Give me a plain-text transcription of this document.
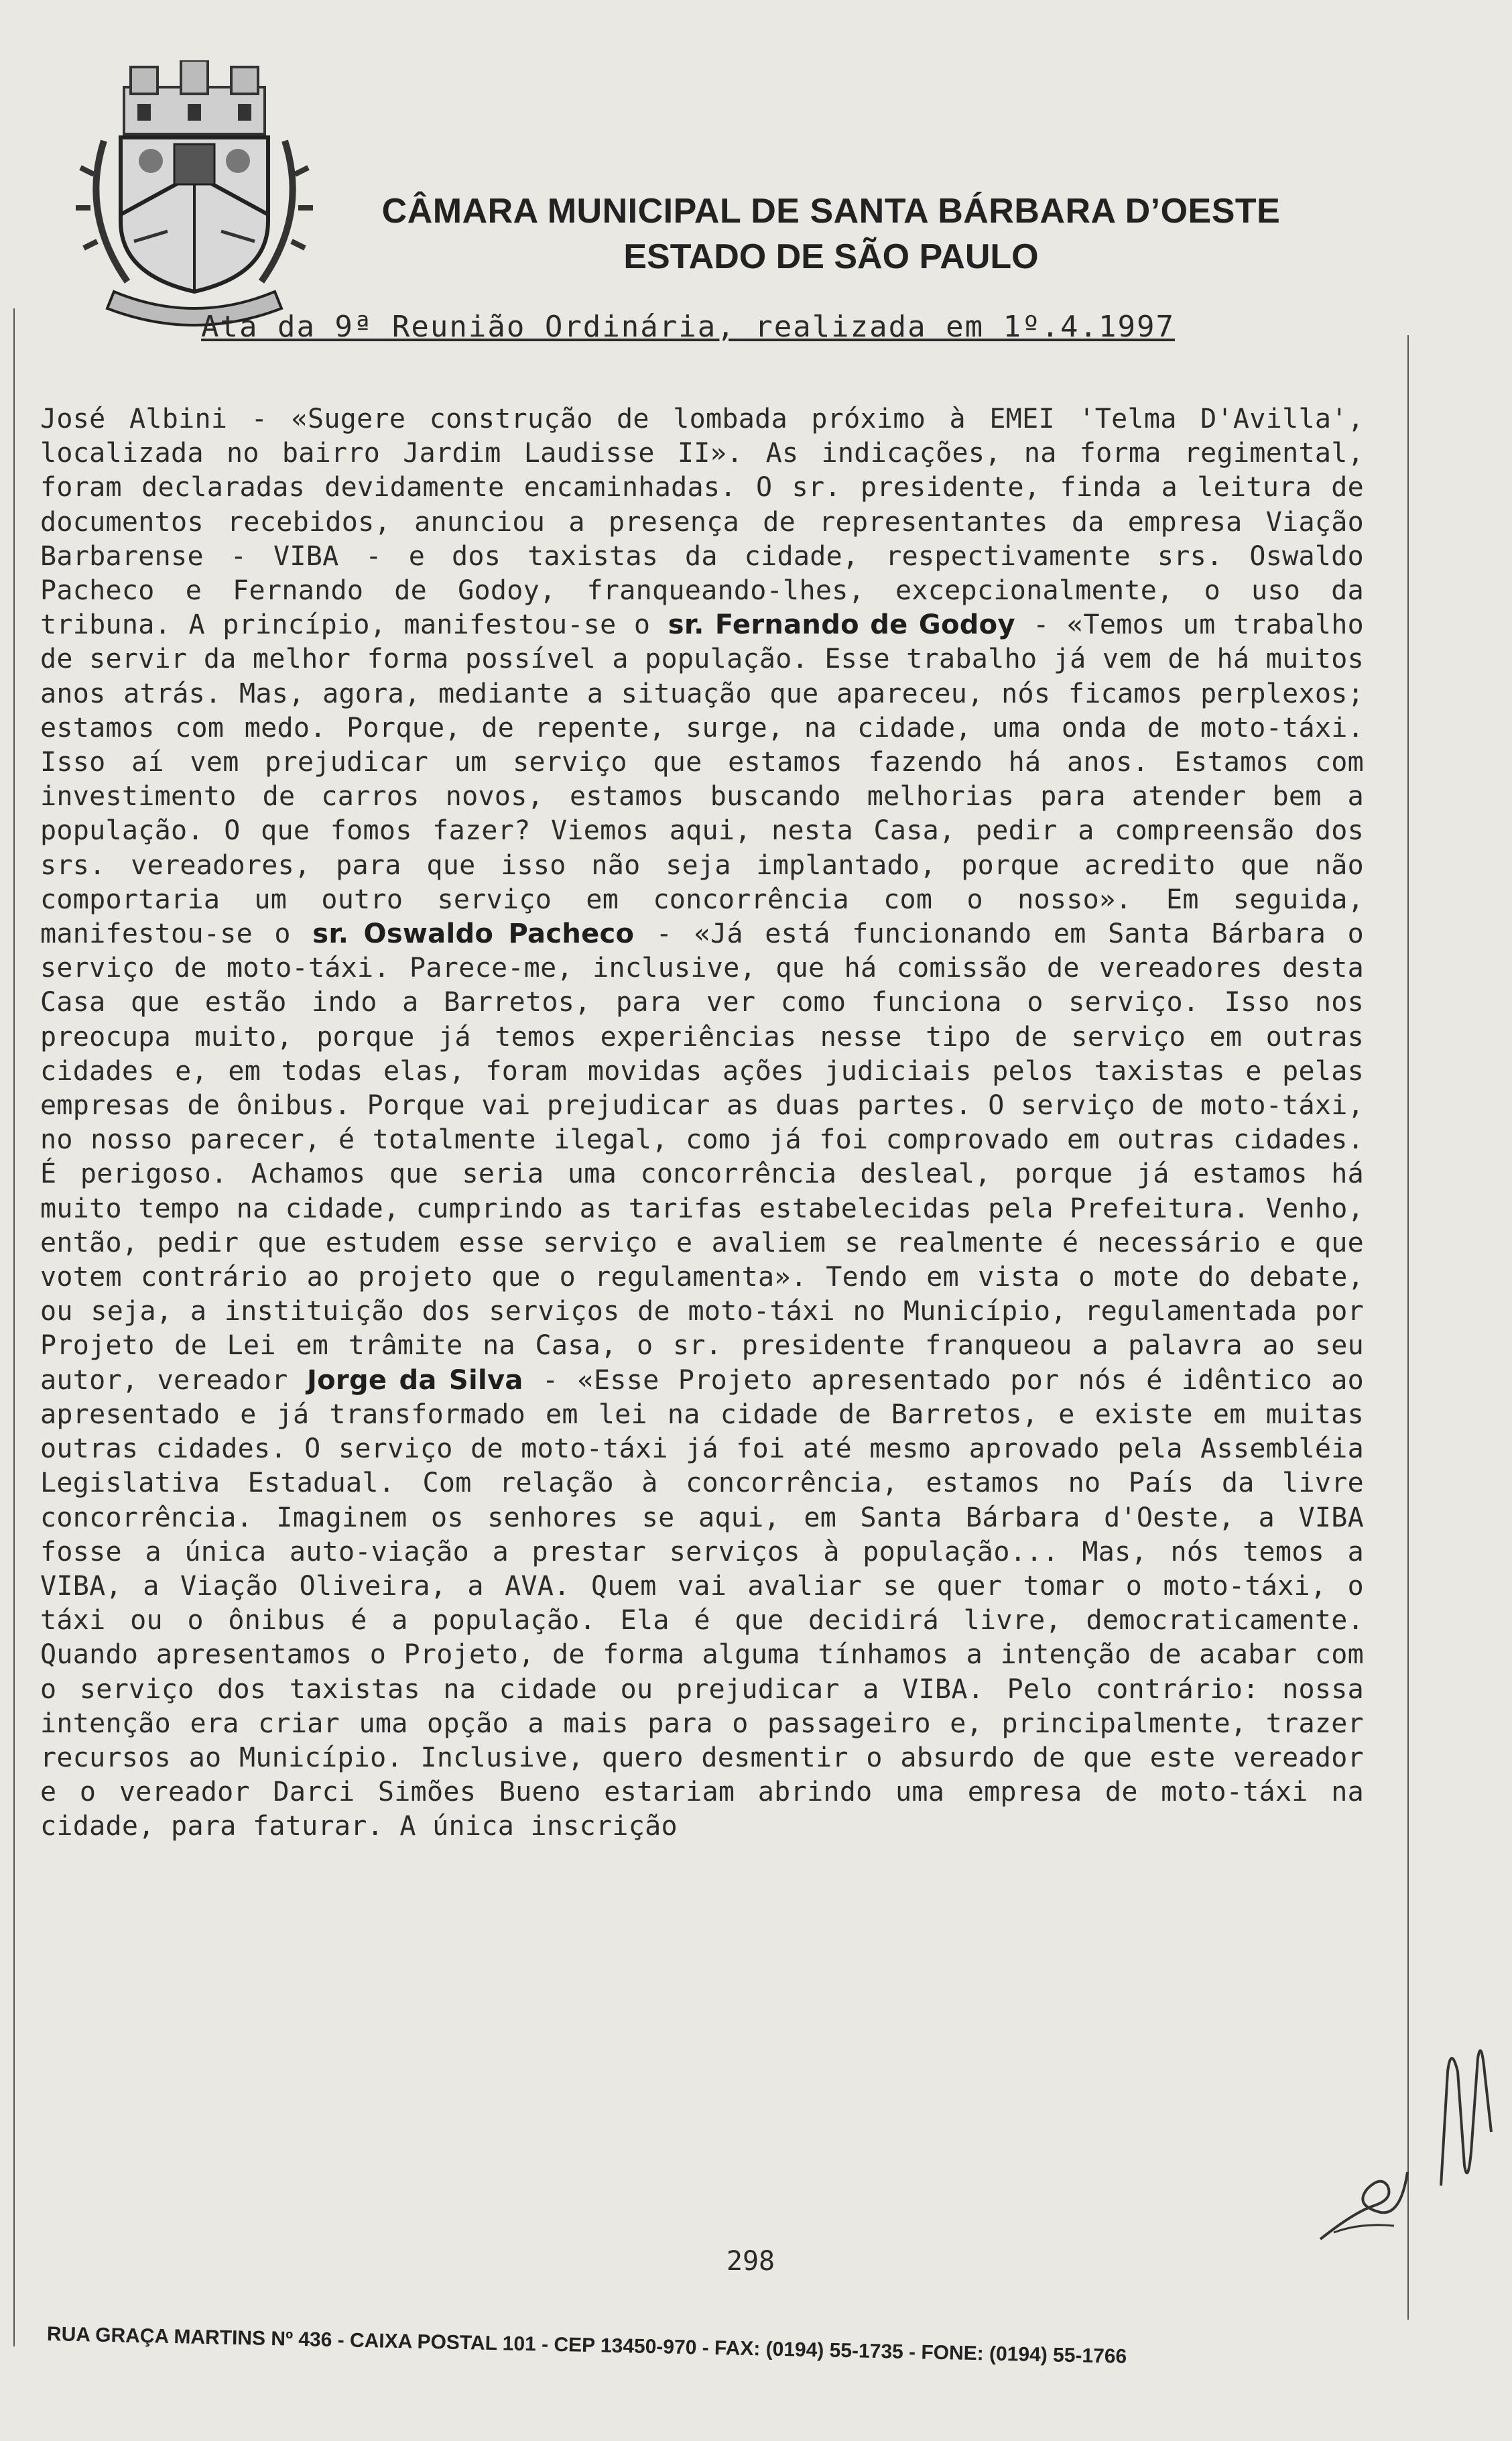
CÂMARA MUNICIPAL DE SANTA BÁRBARA D’OESTE
ESTADO DE SÃO PAULO
Ata da 9ª Reunião Ordinária, realizada em 1º.4.1997
José Albini - «Sugere construção de lombada próximo à EMEI 'Telma D'Avilla', localizada no bairro Jardim Laudisse II». As indicações, na forma regimental, foram declaradas devidamente encaminhadas. O sr. presidente, finda a leitura de documentos recebidos, anunciou a presença de representantes da empresa Viação Barbarense - VIBA - e dos taxistas da cidade, respectivamente srs. Oswaldo Pacheco e Fernando de Godoy, franqueando-lhes, excepcionalmente, o uso da tribuna. A princípio, manifestou-se o sr. Fernando de Godoy - «Temos um trabalho de servir da melhor forma possível a população. Esse trabalho já vem de há muitos anos atrás. Mas, agora, mediante a situação que apareceu, nós ficamos perplexos; estamos com medo. Porque, de repente, surge, na cidade, uma onda de moto-táxi. Isso aí vem prejudicar um serviço que estamos fazendo há anos. Estamos com investimento de carros novos, estamos buscando melhorias para atender bem a população. O que fomos fazer? Viemos aqui, nesta Casa, pedir a compreensão dos srs. vereadores, para que isso não seja implantado, porque acredito que não comportaria um outro serviço em concorrência com o nosso». Em seguida, manifestou-se o sr. Oswaldo Pacheco - «Já está funcionando em Santa Bárbara o serviço de moto-táxi. Parece-me, inclusive, que há comissão de vereadores desta Casa que estão indo a Barretos, para ver como funciona o serviço. Isso nos preocupa muito, porque já temos experiências nesse tipo de serviço em outras cidades e, em todas elas, foram movidas ações judiciais pelos taxistas e pelas empresas de ônibus. Porque vai prejudicar as duas partes. O serviço de moto-táxi, no nosso parecer, é totalmente ilegal, como já foi comprovado em outras cidades. É perigoso. Achamos que seria uma concorrência desleal, porque já estamos há muito tempo na cidade, cumprindo as tarifas estabelecidas pela Prefeitura. Venho, então, pedir que estudem esse serviço e avaliem se realmente é necessário e que votem contrário ao projeto que o regulamenta». Tendo em vista o mote do debate, ou seja, a instituição dos serviços de moto-táxi no Município, regulamentada por Projeto de Lei em trâmite na Casa, o sr. presidente franqueou a palavra ao seu autor, vereador Jorge da Silva - «Esse Projeto apresentado por nós é idêntico ao apresentado e já transformado em lei na cidade de Barretos, e existe em muitas outras cidades. O serviço de moto-táxi já foi até mesmo aprovado pela Assembléia Legislativa Estadual. Com relação à concorrência, estamos no País da livre concorrência. Imaginem os senhores se aqui, em Santa Bárbara d'Oeste, a VIBA fosse a única auto-viação a prestar serviços à população... Mas, nós temos a VIBA, a Viação Oliveira, a AVA. Quem vai avaliar se quer tomar o moto-táxi, o táxi ou o ônibus é a população. Ela é que decidirá livre, democraticamente. Quando apresentamos o Projeto, de forma alguma tínhamos a intenção de acabar com o serviço dos taxistas na cidade ou prejudicar a VIBA. Pelo contrário: nossa intenção era criar uma opção a mais para o passageiro e, principalmente, trazer recursos ao Município. Inclusive, quero desmentir o absurdo de que este vereador e o vereador Darci Simões Bueno estariam abrindo uma empresa de moto-táxi na cidade, para faturar. A única inscrição
298
RUA GRAÇA MARTINS Nº 436 - CAIXA POSTAL 101 - CEP 13450-970 - FAX: (0194) 55-1735 - FONE: (0194) 55-1766
